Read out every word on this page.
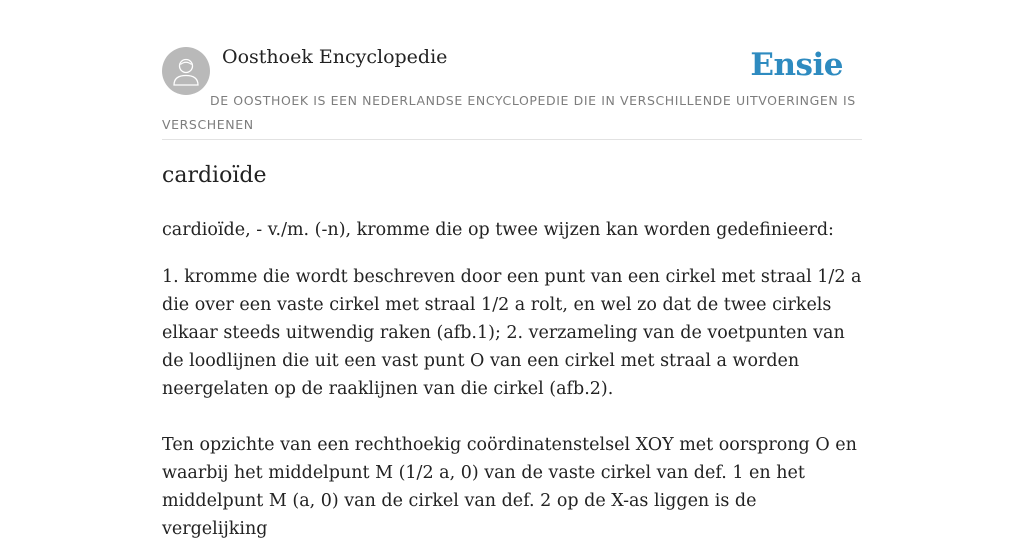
Oosthoek Encyclopedie	Ensie
DE OOSTHOEK IS EEN NEDERLANDSE ENCYCLOPEDIE DIE IN VERSCHILLENDE UITVOERINGEN IS VERSCHENEN
cardioïde

cardioïde, - v./m. (-n), kromme die op twee wijzen kan worden gedefinieerd:

1. kromme die wordt beschreven door een punt van een cirkel met straal 1/2 a die over een vaste cirkel met straal 1/2 a rolt, en wel zo dat de twee cirkels elkaar steeds uitwendig raken (afb.1); 2. verzameling van de voetpunten van de loodlijnen die uit een vast punt O van een cirkel met straal a worden neergelaten op de raaklijnen van die cirkel (afb.2).

Ten opzichte van een rechthoekig coördinatenstelsel XOY met oorsprong O en waarbij het middelpunt M (1/2 a, 0) van de vaste cirkel van def. 1 en het middelpunt M (a, 0) van de cirkel van def. 2 op de X-as liggen is de vergelijking
